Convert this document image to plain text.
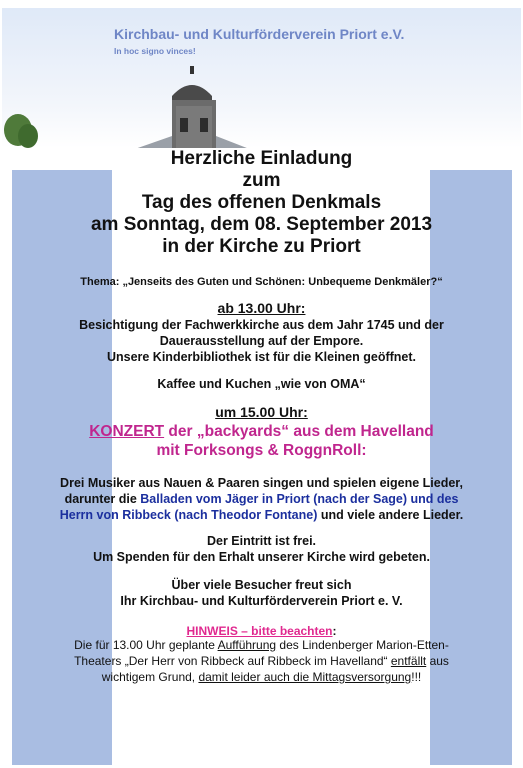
Kirchbau- und Kulturförderverein Priort e.V.
In hoc signo vinces!
Herzliche Einladung
zum
Tag des offenen Denkmals
am Sonntag, dem 08. September 2013
in der Kirche zu Priort
Thema: „Jenseits des Guten und Schönen: Unbequeme Denkmäler?“
ab 13.00 Uhr:
Besichtigung der Fachwerkkirche aus dem Jahr 1745 und der
Dauerausstellung auf der Empore.
Unsere Kinderbibliothek ist für die Kleinen geöffnet.
Kaffee und Kuchen „wie von OMA“
um 15.00 Uhr:
KONZERT der „backyards“ aus dem Havelland
mit Forksongs & RoggnRoll:
Drei Musiker aus Nauen & Paaren singen und spielen eigene Lieder,
darunter die Balladen vom Jäger in Priort (nach der Sage) und des
Herrn von Ribbeck (nach Theodor Fontane) und viele andere Lieder.
Der Eintritt ist frei.
Um Spenden für den Erhalt unserer Kirche wird gebeten.
Über viele Besucher freut sich
Ihr Kirchbau- und Kulturförderverein Priort e. V.
HINWEIS – bitte beachten:
Die für 13.00 Uhr geplante Aufführung des Lindenberger Marion-Etten-
Theaters „Der Herr von Ribbeck auf Ribbeck im Havelland“ entfällt aus
wichtigem Grund, damit leider auch die Mittagsversorgung!!!
